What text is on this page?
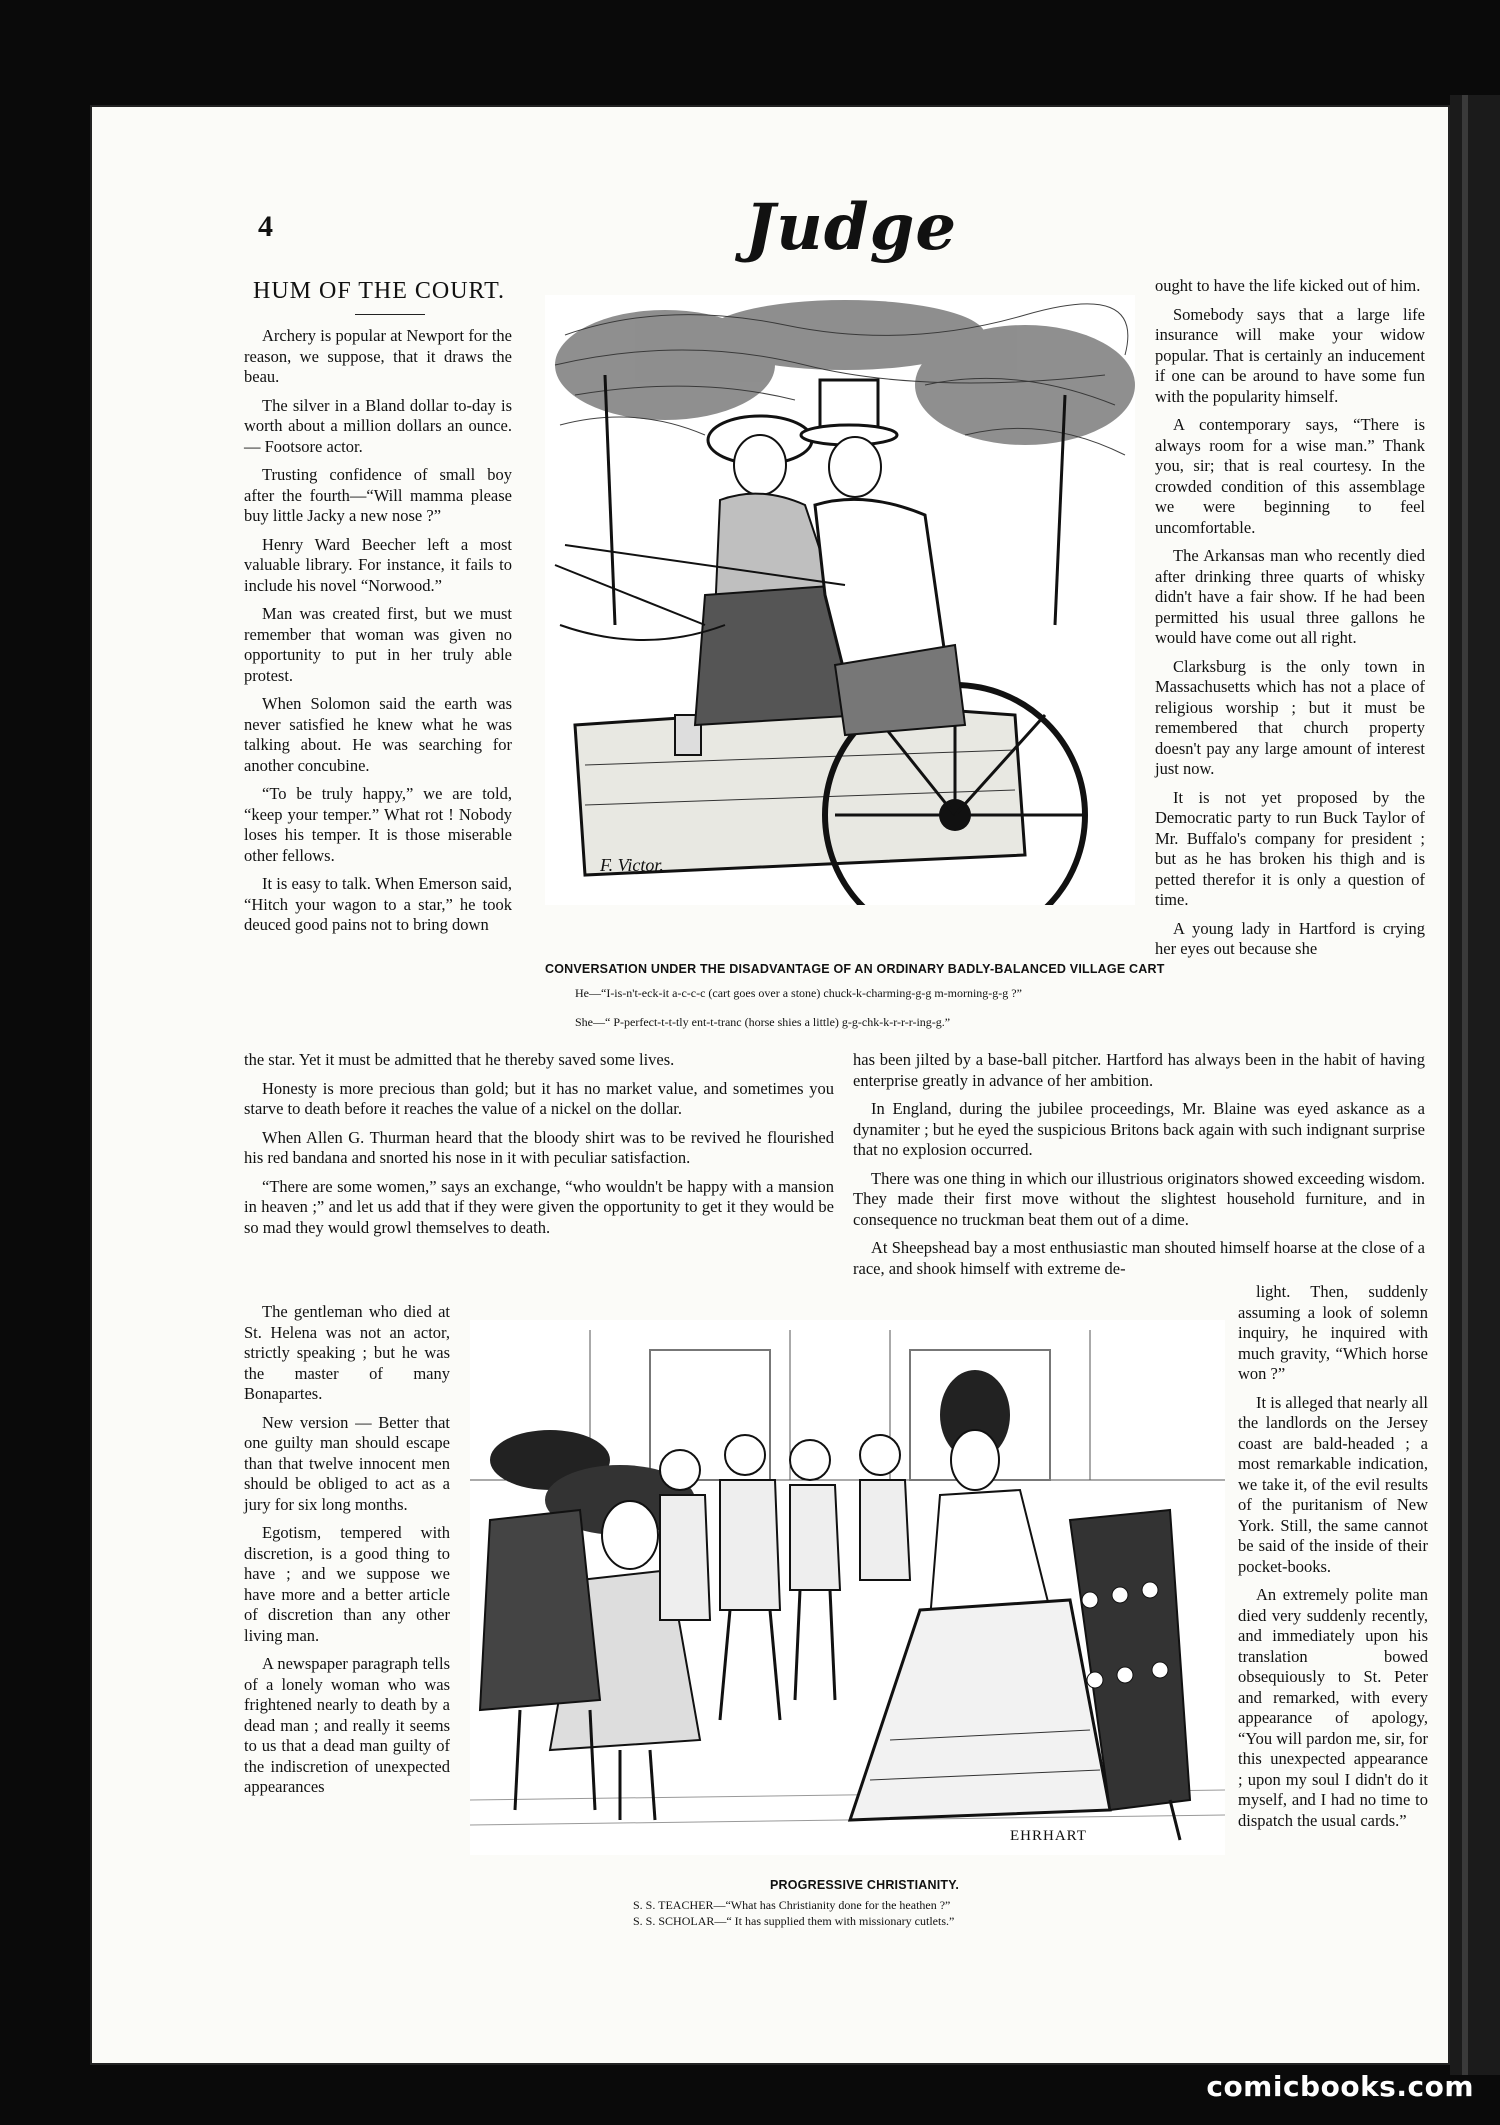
4	Judge
HUM OF THE COURT.

Archery is popular at Newport for the reason, we suppose, that it draws the beau.

The silver in a Bland dollar to-day is worth about a million dollars an ounce. — Footsore actor.

Trusting confidence of small boy after the fourth—“Will mamma please buy little Jacky a new nose ?”

Henry Ward Beecher left a most valuable library. For instance, it fails to include his novel “Norwood.”

Man was created first, but we must remember that woman was given no opportunity to put in her truly able protest.

When Solomon said the earth was never satisfied he knew what he was talking about. He was searching for another concubine.

“To be truly happy,” we are told, “keep your temper.” What rot ! Nobody loses his temper. It is those miserable other fellows.

It is easy to talk. When Emerson said, “Hitch your wagon to a star,” he took deuced good pains not to bring down

the star. Yet it must be admitted that he thereby saved some lives.

Honesty is more precious than gold; but it has no market value, and sometimes you starve to death before it reaches the value of a nickel on the dollar.

When Allen G. Thurman heard that the bloody shirt was to be revived he flourished his red bandana and snorted his nose in it with peculiar satisfaction.

“There are some women,” says an exchange, “who wouldn't be happy with a mansion in heaven ;” and let us add that if they were given the opportunity to get it they would be so mad they would growl themselves to death.

ought to have the life kicked out of him.

Somebody says that a large life insurance will make your widow popular. That is certainly an inducement if one can be around to have some fun with the popularity himself.

A contemporary says, “There is always room for a wise man.” Thank you, sir; that is real courtesy. In the crowded condition of this assemblage we were beginning to feel uncomfortable.

The Arkansas man who recently died after drinking three quarts of whisky didn't have a fair show. If he had been permitted his usual three gallons he would have come out all right.

Clarksburg is the only town in Massachusetts which has not a place of religious worship ; but it must be remembered that church property doesn't pay any large amount of interest just now.

It is not yet proposed by the Democratic party to run Buck Taylor of Mr. Buffalo's company for president ; but as he has broken his thigh and is petted therefor it is only a question of time.

A young lady in Hartford is crying her eyes out because she

has been jilted by a base-ball pitcher. Hartford has always been in the habit of having enterprise greatly in advance of her ambition.

In England, during the jubilee proceedings, Mr. Blaine was eyed askance as a dynamiter ; but he eyed the suspicious Britons back again with such indignant surprise that no explosion occurred.

There was one thing in which our illustrious originators showed exceeding wisdom. They made their first move without the slightest household furniture, and in consequence no truckman beat them out of a dime.

At Sheepshead bay a most enthusiastic man shouted himself hoarse at the close of a race, and shook himself with extreme de-

The gentleman who died at St. Helena was not an actor, strictly speaking ; but he was the master of many Bonapartes.

New version — Better that one guilty man should escape than that twelve innocent men should be obliged to act as a jury for six long months.

Egotism, tempered with discretion, is a good thing to have ; and we suppose we have more and a better article of discretion than any other living man.

A newspaper paragraph tells of a lonely woman who was frightened nearly to death by a dead man ; and really it seems to us that a dead man guilty of the indiscretion of unexpected appearances

light. Then, suddenly assuming a look of solemn inquiry, he inquired with much gravity, “Which horse won ?”

It is alleged that nearly all the landlords on the Jersey coast are bald-headed ; a most remarkable indication, we take it, of the evil results of the puritanism of New York. Still, the same cannot be said of the inside of their pocket-books.

An extremely polite man died very suddenly recently, and immediately upon his translation bowed obsequiously to St. Peter and remarked, with every appearance of apology, “You will pardon me, sir, for this unexpected appearance ; upon my soul I didn't do it myself, and I had no time to dispatch the usual cards.”

F. Victor.
CONVERSATION UNDER THE DISADVANTAGE OF AN ORDINARY BADLY-BALANCED VILLAGE CART
He—“I-is-n't-eck-it a-c-c-c (cart goes over a stone) chuck-k-charming-g-g m-morning-g-g ?”
She—“ P-perfect-t-t-tly ent-t-tranc (horse shies a little) g-g-chk-k-r-r-r-ing-g.”
EHRHART
PROGRESSIVE CHRISTIANITY.
S. S. TEACHER—“What has Christianity done for the heathen ?”
S. S. SCHOLAR—“ It has supplied them with missionary cutlets.”
comicbooks.com
